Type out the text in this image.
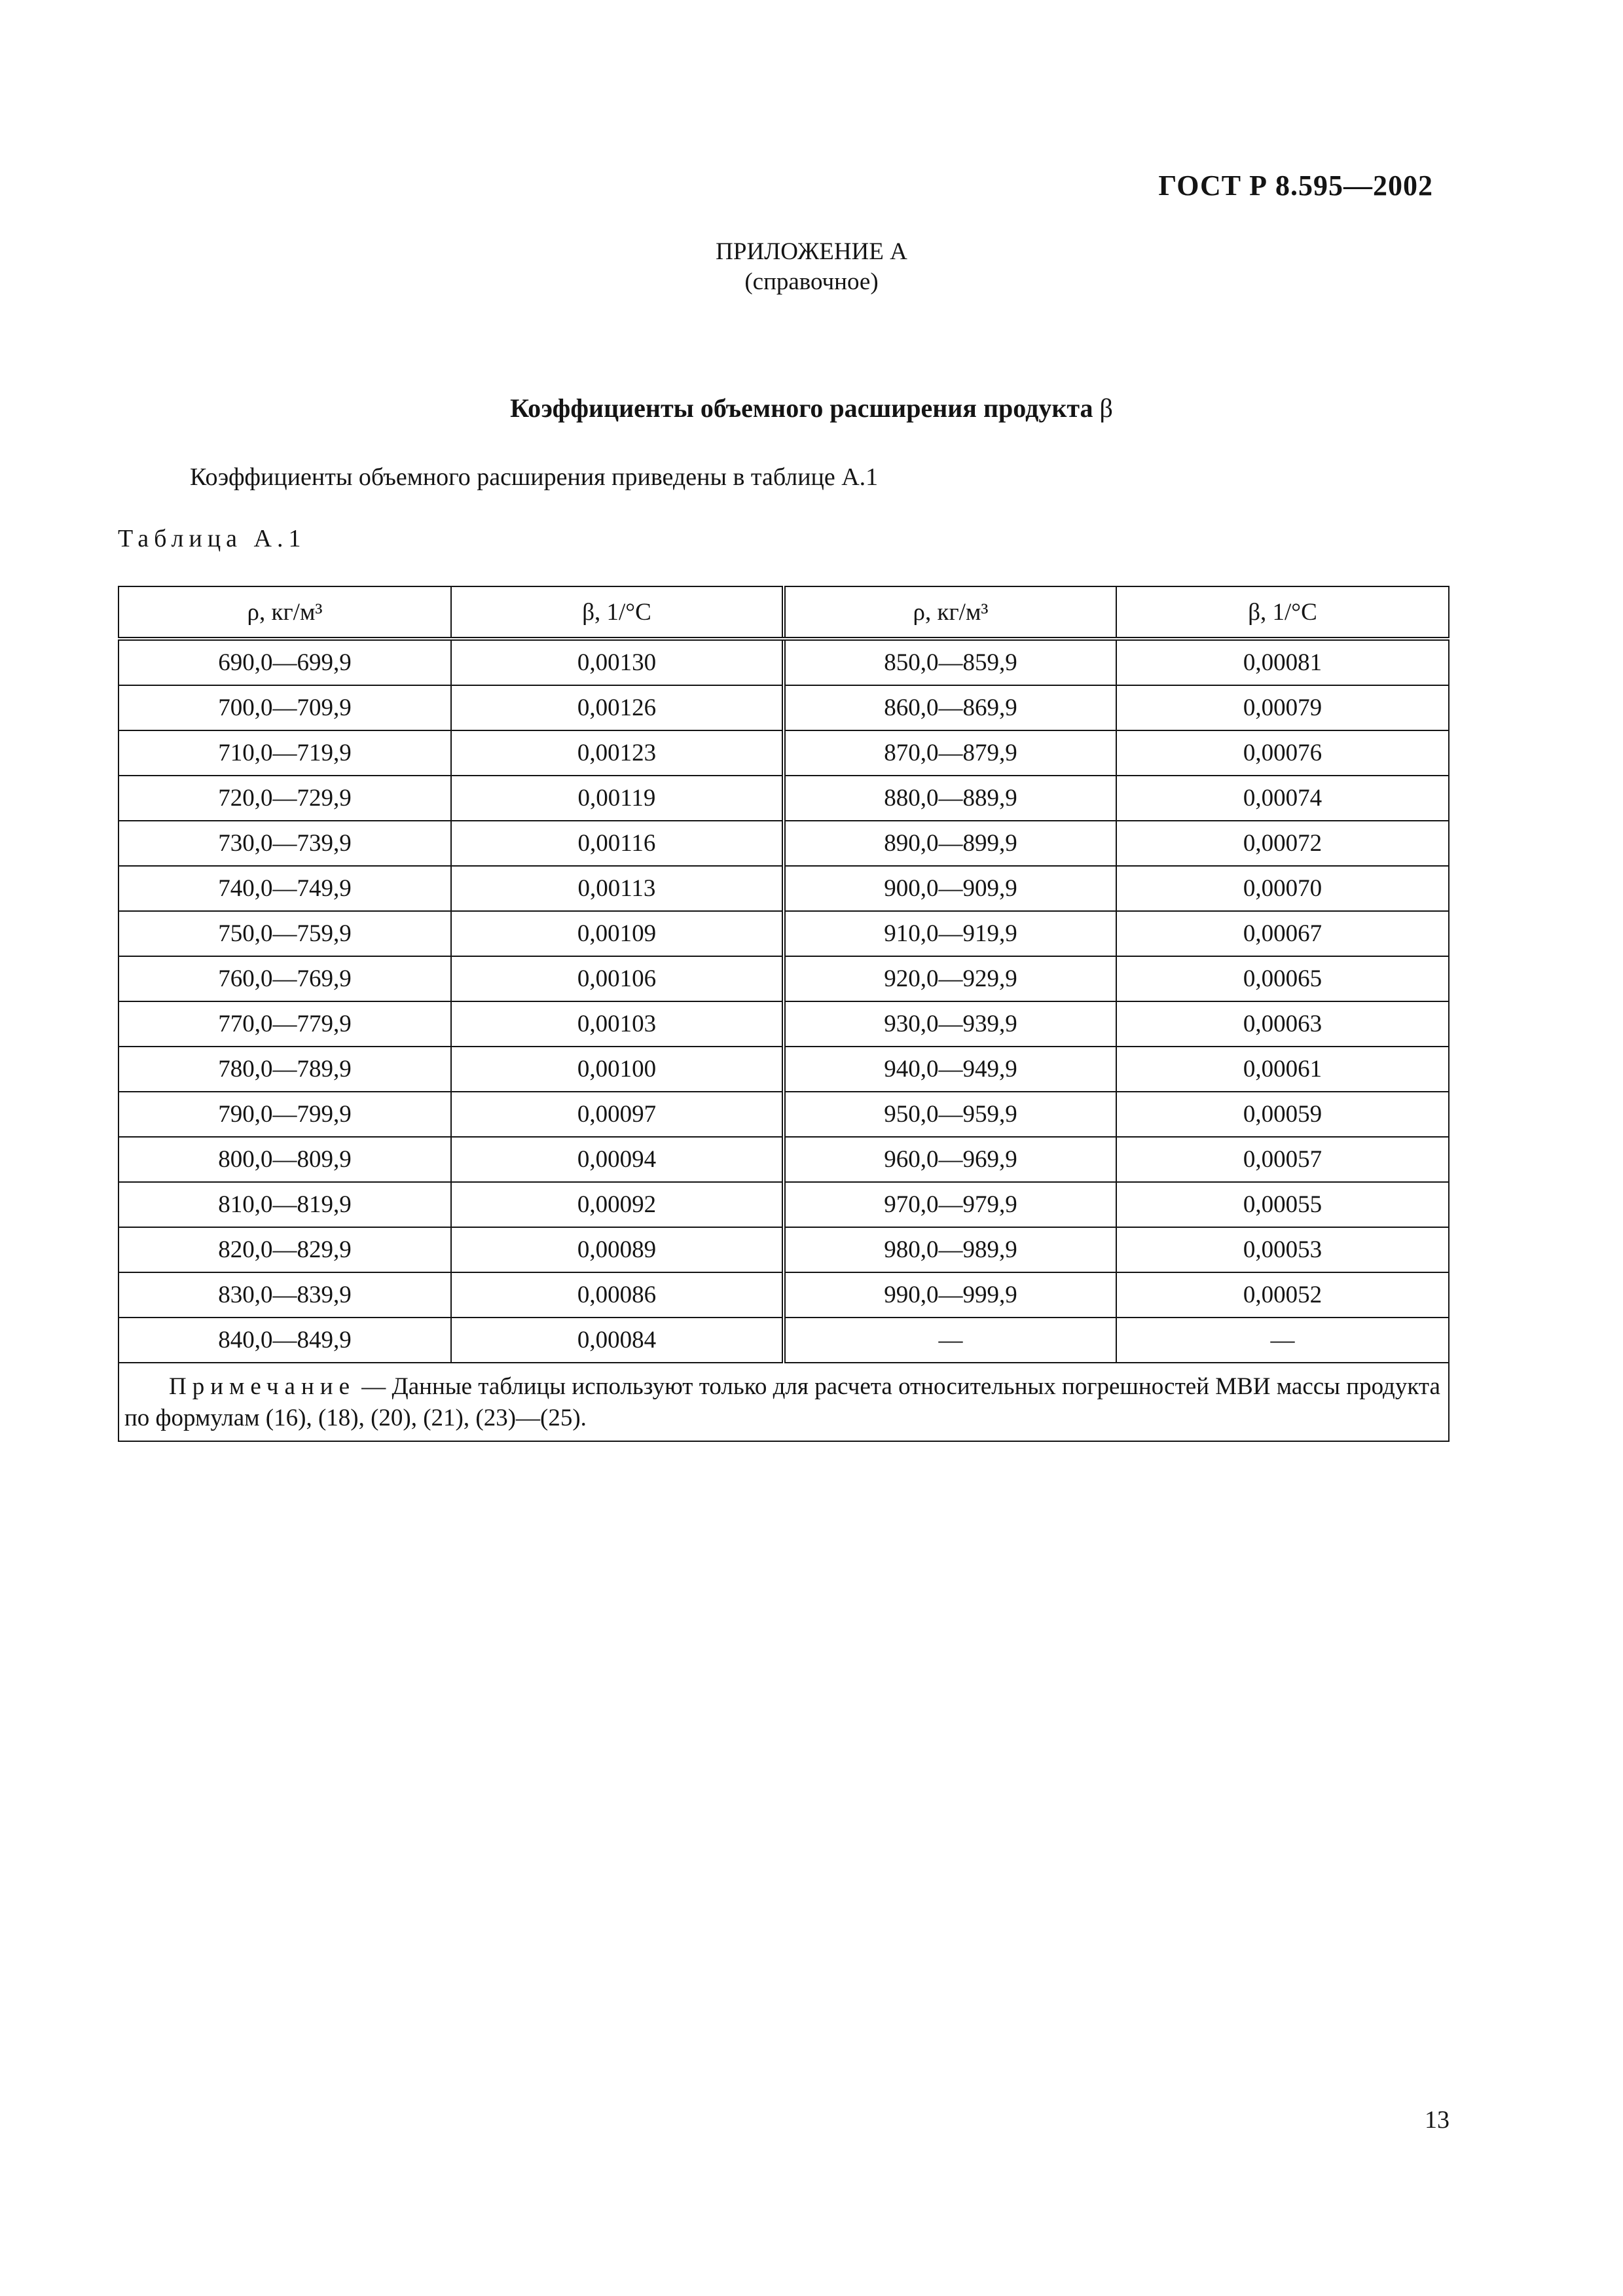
ГОСТ Р 8.595—2002
ПРИЛОЖЕНИЕ А
(справочное)
Коэффициенты объемного расширения продукта β
Коэффициенты объемного расширения приведены в таблице А.1
Таблица А.1
ρ, кг/м³	β, 1/°С	ρ, кг/м³	β, 1/°С
690,0—699,9	0,00130	850,0—859,9	0,00081
700,0—709,9	0,00126	860,0—869,9	0,00079
710,0—719,9	0,00123	870,0—879,9	0,00076
720,0—729,9	0,00119	880,0—889,9	0,00074
730,0—739,9	0,00116	890,0—899,9	0,00072
740,0—749,9	0,00113	900,0—909,9	0,00070
750,0—759,9	0,00109	910,0—919,9	0,00067
760,0—769,9	0,00106	920,0—929,9	0,00065
770,0—779,9	0,00103	930,0—939,9	0,00063
780,0—789,9	0,00100	940,0—949,9	0,00061
790,0—799,9	0,00097	950,0—959,9	0,00059
800,0—809,9	0,00094	960,0—969,9	0,00057
810,0—819,9	0,00092	970,0—979,9	0,00055
820,0—829,9	0,00089	980,0—989,9	0,00053
830,0—839,9	0,00086	990,0—999,9	0,00052
840,0—849,9	0,00084	—	—
Примечание — Данные таблицы используют только для расчета относительных погрешностей МВИ массы продукта по формулам (16), (18), (20), (21), (23)—(25).			
13
